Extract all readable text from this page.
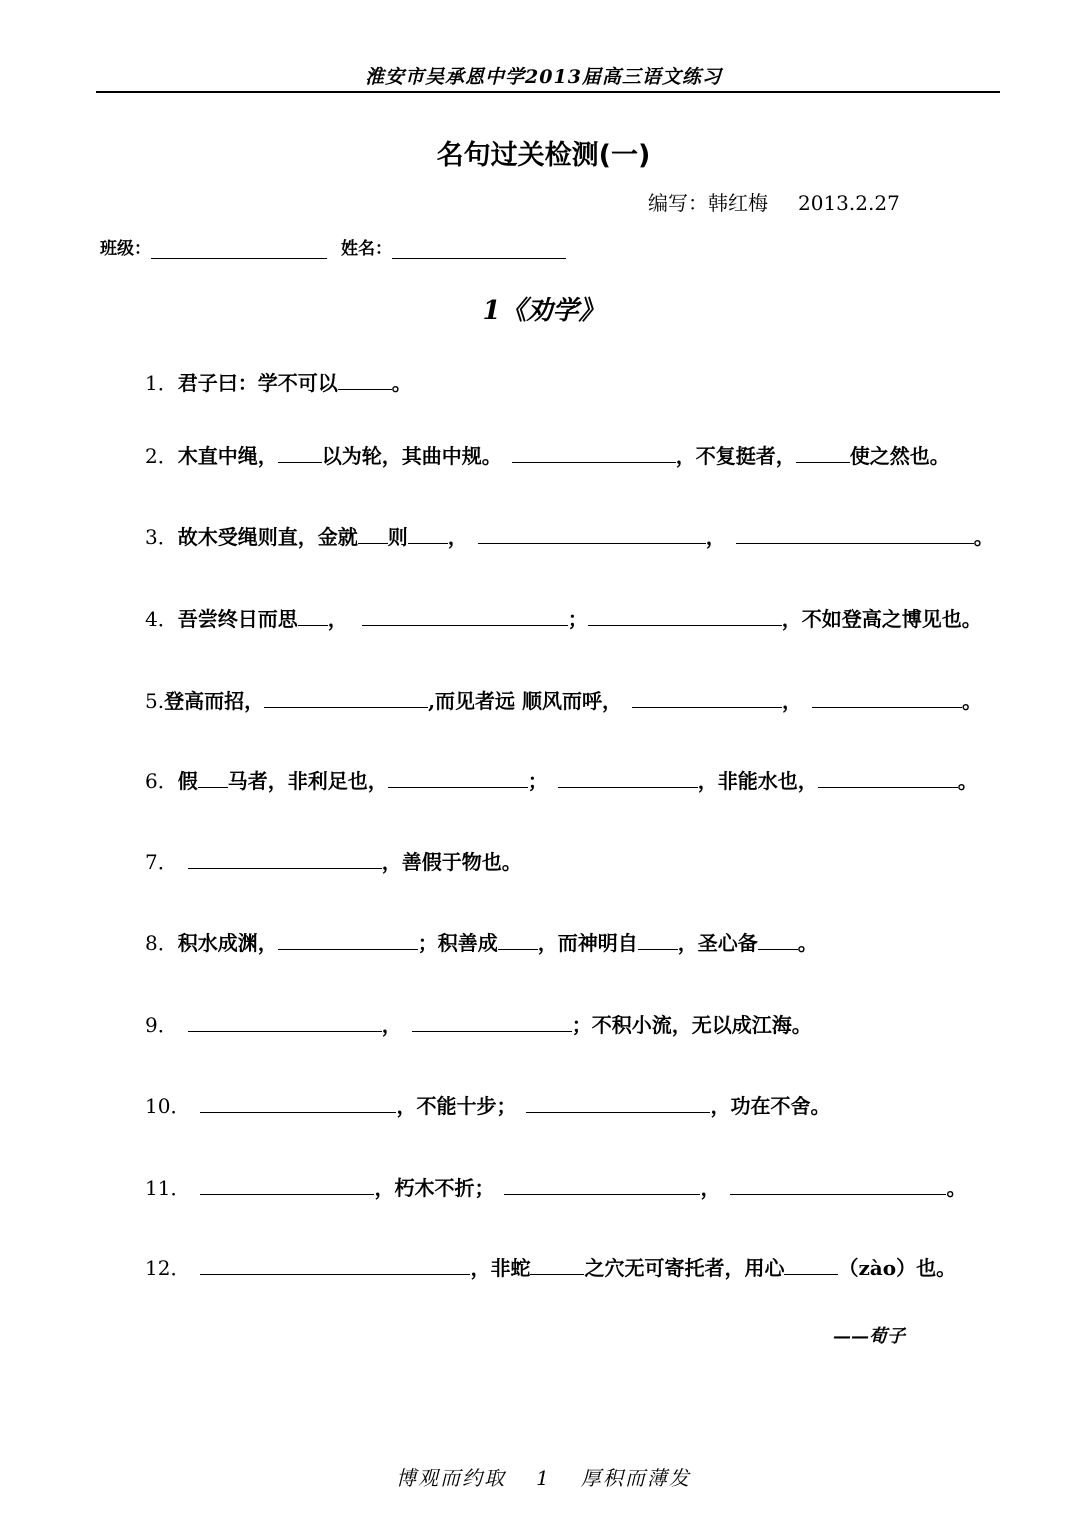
淮安市吴承恩中学2013届高三语文练习
名句过关检测(一)
编写：韩红梅 2013.2.27
班级：	姓名：
1《劝学》
1．君子曰：学不可以	。
2．木直中绳， 以为轮，其曲中规。	，不复挺者，	使之然也。
3．故木受绳则直，金就 则 ，	，	。
4．吾尝终日而思 ，	；	，不如登高之博见也。
5.登高而招，	,而见者远 顺风而呼，	，	。
6．假 马者，非利足也，	；	，非能水也，	。
7．	，善假于物也。
8．积水成渊，	；积善成 ，而神明自 ，圣心备 。
9．	，	；不积小流，无以成江海。
10．	，不能十步；	，功在不舍。
11．	，朽木不折；	，	。
12．	，非蛇	之穴无可寄托者，用心	（zào）也。
——荀子
博观而约取 1 厚积而薄发
